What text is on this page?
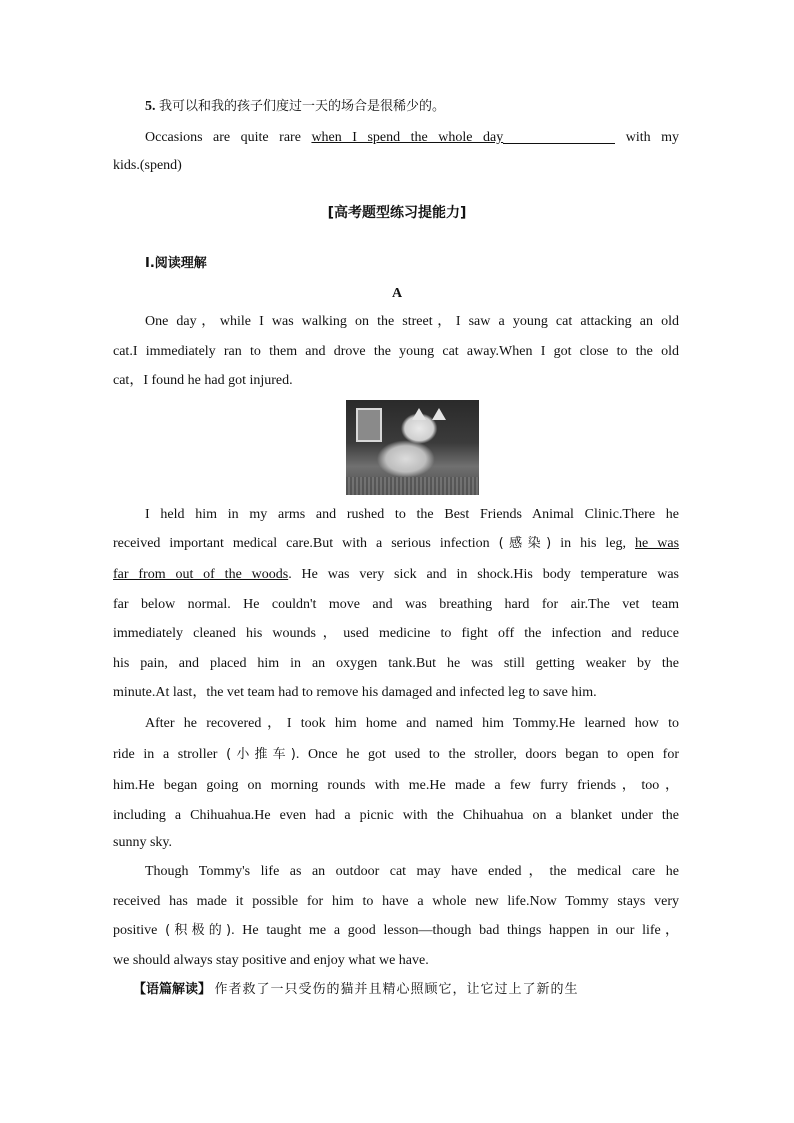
5. 我可以和我的孩子们度过一天的场合是很稀少的。
Occasions are quite rare when I spend the whole day	with my
kids.(spend)
[高考题型练习提能力]
Ⅰ.阅读理解
A
One day，while I was walking on the street，I saw a young cat attacking an old
cat.I immediately ran to them and drove the young cat away.When I got close to the old
cat，I found he had got injured.
I held him in my arms and rushed to the Best Friends Animal Clinic.There he
received important medical care.But with a serious infection (感染) in his leg, he was
far from out of the woods. He was very sick and in shock.His body temperature was
far below normal. He couldn't move and was breathing hard for air.The vet team
immediately cleaned his wounds，used medicine to fight off the infection and reduce
his pain, and placed him in an oxygen tank.But he was still getting weaker by the
minute.At last，the vet team had to remove his damaged and infected leg to save him.
After he recovered，I took him home and named him Tommy.He learned how to
ride in a stroller (小推车). Once he got used to the stroller, doors began to open for
him.He began going on morning rounds with me.He made a few furry friends，too，
including a Chihuahua.He even had a picnic with the Chihuahua on a blanket under the
sunny sky.
Though Tommy's life as an outdoor cat may have ended，the medical care he
received has made it possible for him to have a whole new life.Now Tommy stays very
positive (积极的). He taught me a good lesson—though bad things happen in our life，
we should always stay positive and enjoy what we have.
【语篇解读】 作者救了一只受伤的猫并且精心照顾它，让它过上了新的生
